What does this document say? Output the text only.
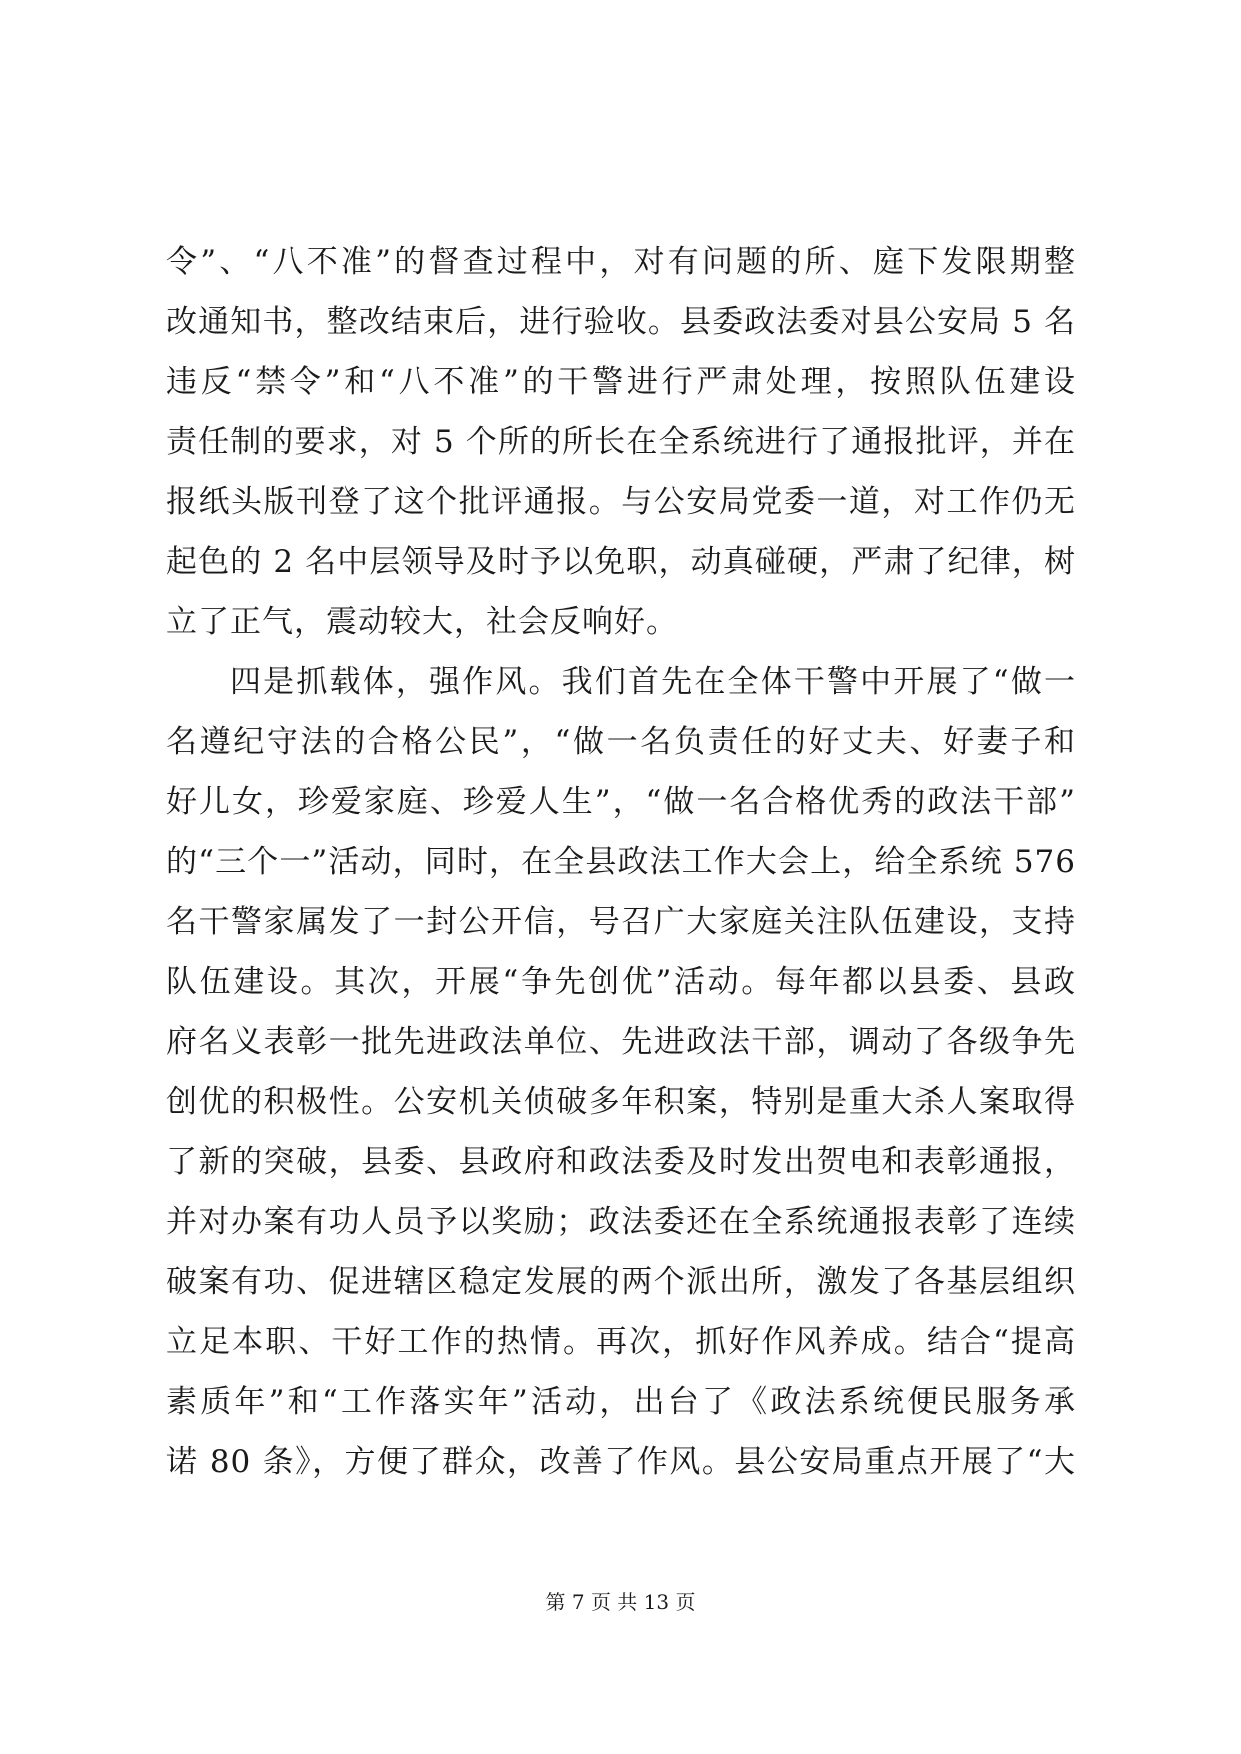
令”、“八不准”的督查过程中，对有问题的所、庭下发限期整
改通知书，整改结束后，进行验收。县委政法委对县公安局 5 名
违反“禁令”和“八不准”的干警进行严肃处理，按照队伍建设
责任制的要求，对 5 个所的所长在全系统进行了通报批评，并在
报纸头版刊登了这个批评通报。与公安局党委一道，对工作仍无
起色的 2 名中层领导及时予以免职，动真碰硬，严肃了纪律，树
立了正气，震动较大，社会反响好。
四是抓载体，强作风。我们首先在全体干警中开展了“做一
名遵纪守法的合格公民”，“做一名负责任的好丈夫、好妻子和
好儿女，珍爱家庭、珍爱人生”，“做一名合格优秀的政法干部”
的“三个一”活动，同时，在全县政法工作大会上，给全系统 576
名干警家属发了一封公开信，号召广大家庭关注队伍建设，支持
队伍建设。其次，开展“争先创优”活动。每年都以县委、县政
府名义表彰一批先进政法单位、先进政法干部，调动了各级争先
创优的积极性。公安机关侦破多年积案，特别是重大杀人案取得
了新的突破，县委、县政府和政法委及时发出贺电和表彰通报，
并对办案有功人员予以奖励；政法委还在全系统通报表彰了连续
破案有功、促进辖区稳定发展的两个派出所，激发了各基层组织
立足本职、干好工作的热情。再次，抓好作风养成。结合“提高
素质年”和“工作落实年”活动，出台了《政法系统便民服务承
诺 80 条》，方便了群众，改善了作风。县公安局重点开展了“大
第 7 页 共 13 页
